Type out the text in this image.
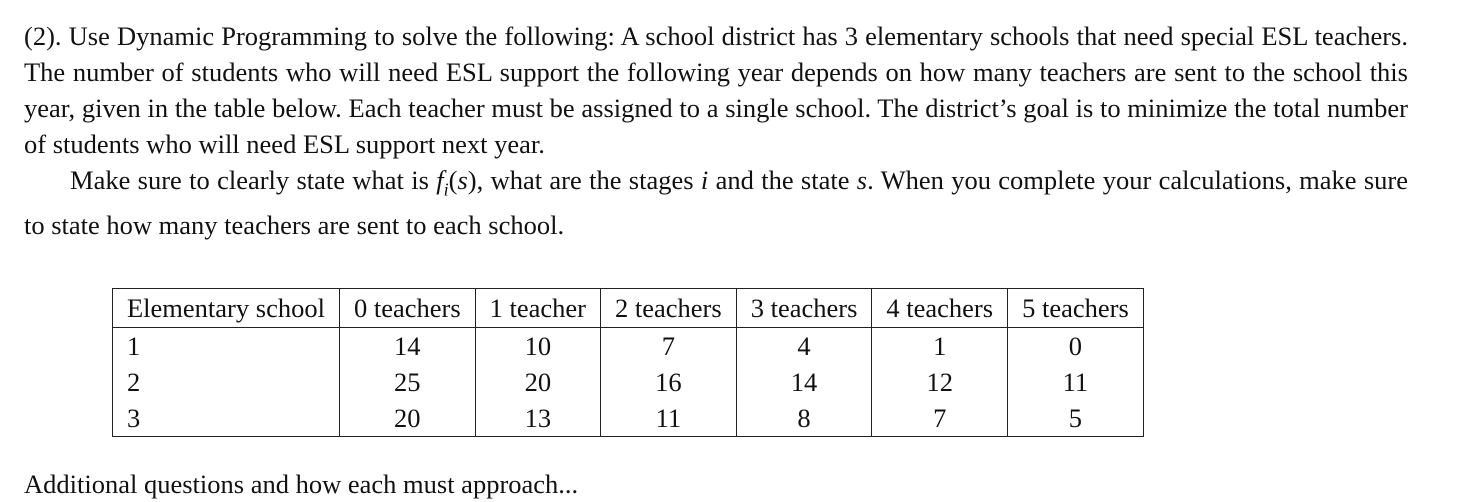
(2). Use Dynamic Programming to solve the following: A school district has 3 elementary schools that need special ESL teachers. The number of students who will need ESL support the following year depends on how many teachers are sent to the school this year, given in the table below. Each teacher must be assigned to a single school. The district’s goal is to minimize the total number of students who will need ESL support next year.

Make sure to clearly state what is $f_i(s)$, what are the stages i and the state s. When you complete your calculations, make sure to state how many teachers are sent to each school.

Elementary school	0 teachers	1 teacher	2 teachers	3 teachers	4 teachers	5 teachers
1	14	10	7	4	1	0
2	25	20	16	14	12	11
3	20	13	11	8	7	5
Additional questions and how each must approach...
